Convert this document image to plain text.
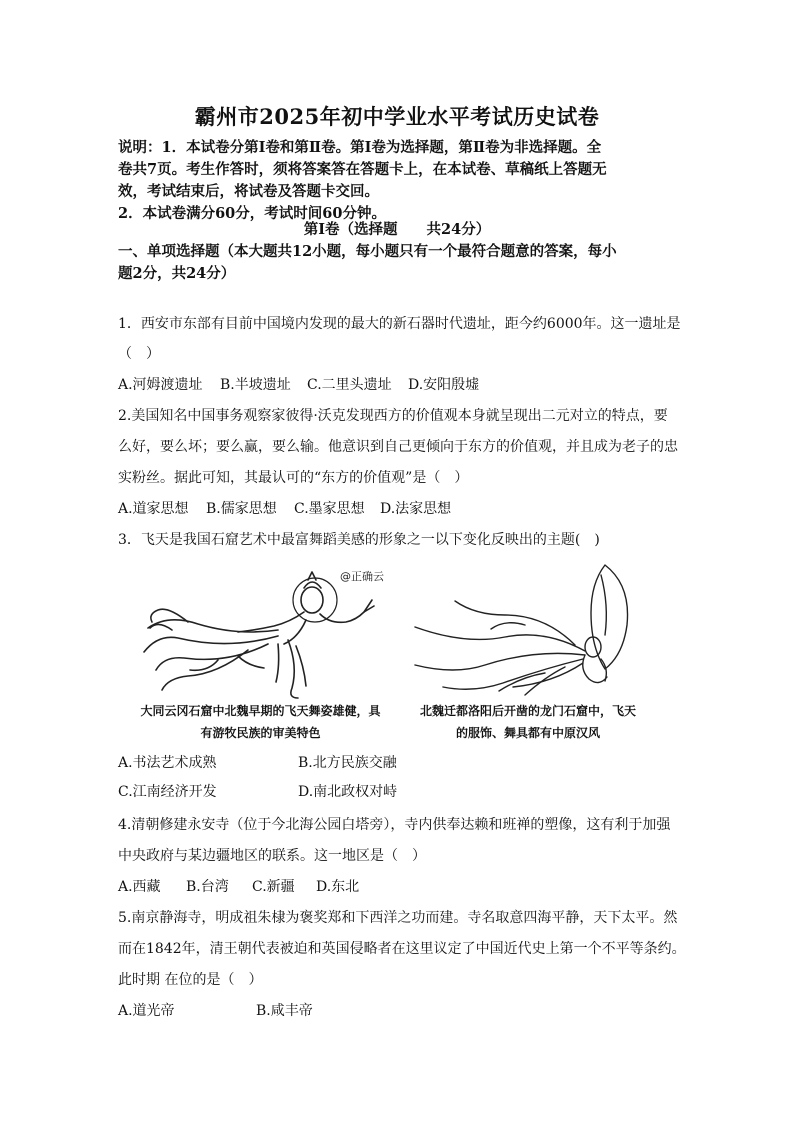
霸州市2025年初中学业水平考试历史试卷

说明：1．本试卷分第Ⅰ卷和第Ⅱ卷。第Ⅰ卷为选择题，第Ⅱ卷为非选择题。全

卷共7页。考生作答时，须将答案答在答题卡上，在本试卷、草稿纸上答题无

效，考试结束后，将试卷及答题卡交回。

2．本试卷满分60分，考试时间60分钟。

第Ⅰ卷（选择题　　共24分）

一、单项选择题（本大题共12小题，每小题只有一个最符合题意的答案，每小

题2分，共24分）

1．西安市东部有目前中国境内发现的最大的新石器时代遗址，距今约6000年。这一遗址是

（　）

A.河姆渡遗址 B.半坡遗址 C.二里头遗址 D.安阳殷墟

2.美国知名中国事务观察家彼得·沃克发现西方的价值观本身就呈现出二元对立的特点，要

么好，要么坏；要么赢，要么输。他意识到自己更倾向于东方的价值观，并且成为老子的忠

实粉丝。据此可知，其最认可的“东方的价值观”是（　）

A.道家思想 B.儒家思想 C.墨家思想 D.法家思想

3．飞天是我国石窟艺术中最富舞蹈美感的形象之一以下变化反映出的主题(　)

@正确云
大同云冈石窟中北魏早期的飞天舞姿雄健，具
有游牧民族的审美特色
北魏迁都洛阳后开凿的龙门石窟中，飞天
的服饰、舞具都有中原汉风
A.书法艺术成熟	B.北方民族交融
C.江南经济开发	D.南北政权对峙

4.清朝修建永安寺（位于今北海公园白塔旁），寺内供奉达赖和班禅的塑像，这有利于加强

中央政府与某边疆地区的联系。这一地区是（　）

A.西藏 B.台湾 C.新疆 D.东北

5.南京静海寺，明成祖朱棣为褒奖郑和下西洋之功而建。寺名取意四海平静，天下太平。然

而在1842年，清王朝代表被迫和英国侵略者在这里议定了中国近代史上第一个不平等条约。

此时期 在位的是（　）

A.道光帝	B.咸丰帝
